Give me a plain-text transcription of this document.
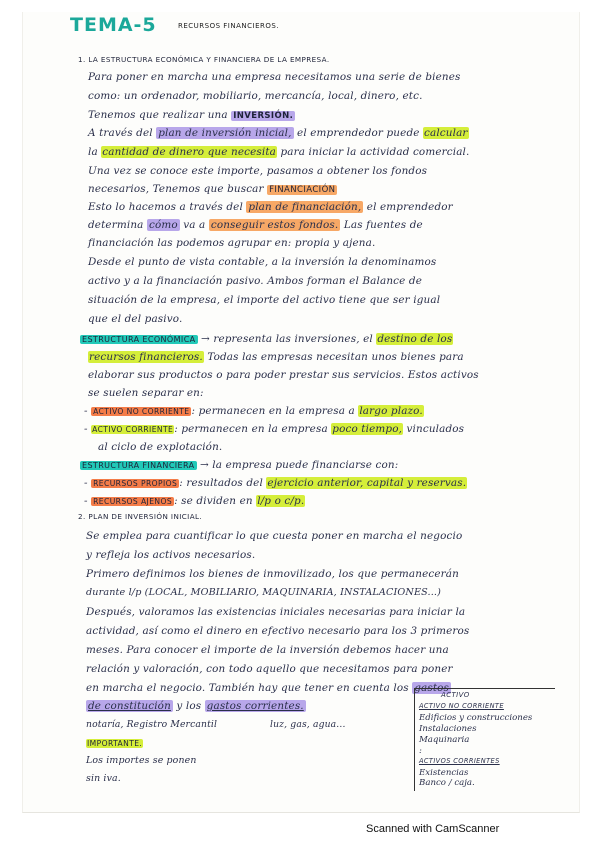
TEMA-5	RECURSOS FINANCIEROS.
1. LA ESTRUCTURA ECONÓMICA Y FINANCIERA DE LA EMPRESA.
Para poner en marcha una empresa necesitamos una serie de bienes
como: un ordenador, mobiliario, mercancía, local, dinero, etc.
Tenemos que realizar una INVERSIÓN.
A través del plan de inversión inicial, el emprendedor puede calcular
la cantidad de dinero que necesita para iniciar la actividad comercial.
Una vez se conoce este importe, pasamos a obtener los fondos
necesarios, Tenemos que buscar FINANCIACIÓN
Esto lo hacemos a través del plan de financiación, el emprendedor
determina cómo va a conseguir estos fondos. Las fuentes de
financiación las podemos agrupar en: propia y ajena.
Desde el punto de vista contable, a la inversión la denominamos
activo y a la financiación pasivo. Ambos forman el Balance de
situación de la empresa, el importe del activo tiene que ser igual
que el del pasivo.
ESTRUCTURA ECONÓMICA → representa las inversiones, el destino de los
recursos financieros. Todas las empresas necesitan unos bienes para
elaborar sus productos o para poder prestar sus servicios. Estos activos
se suelen separar en:
- ACTIVO NO CORRIENTE : permanecen en la empresa a largo plazo.
- ACTIVO CORRIENTE: permanecen en la empresa poco tiempo, vinculados
al ciclo de explotación.
ESTRUCTURA FINANCIERA → la empresa puede financiarse con:
- RECURSOS PROPIOS : resultados del ejercicio anterior, capital y reservas.
- RECURSOS AJENOS : se dividen en l/p o c/p.
2. PLAN DE INVERSIÓN INICIAL.
Se emplea para cuantificar lo que cuesta poner en marcha el negocio
y refleja los activos necesarios.
Primero definimos los bienes de inmovilizado, los que permanecerán
durante l/p (LOCAL, MOBILIARIO, MAQUINARIA, INSTALACIONES...)
Después, valoramos las existencias iniciales necesarias para iniciar la
actividad, así como el dinero en efectivo necesario para los 3 primeros
meses. Para conocer el importe de la inversión debemos hacer una
relación y valoración, con todo aquello que necesitamos para poner
en marcha el negocio. También hay que tener en cuenta los gastos
de constitución y los gastos corrientes.
notaría, Registro Mercantil	luz, gas, agua...
IMPORTANTE.
Los importes se ponen
sin iva.
ACTIVO
ACTIVO NO CORRIENTE
Edificios y construcciones
Instalaciones
Maquinaria
:
ACTIVOS CORRIENTES
Existencias
Banco / caja.
Scanned with CamScanner
